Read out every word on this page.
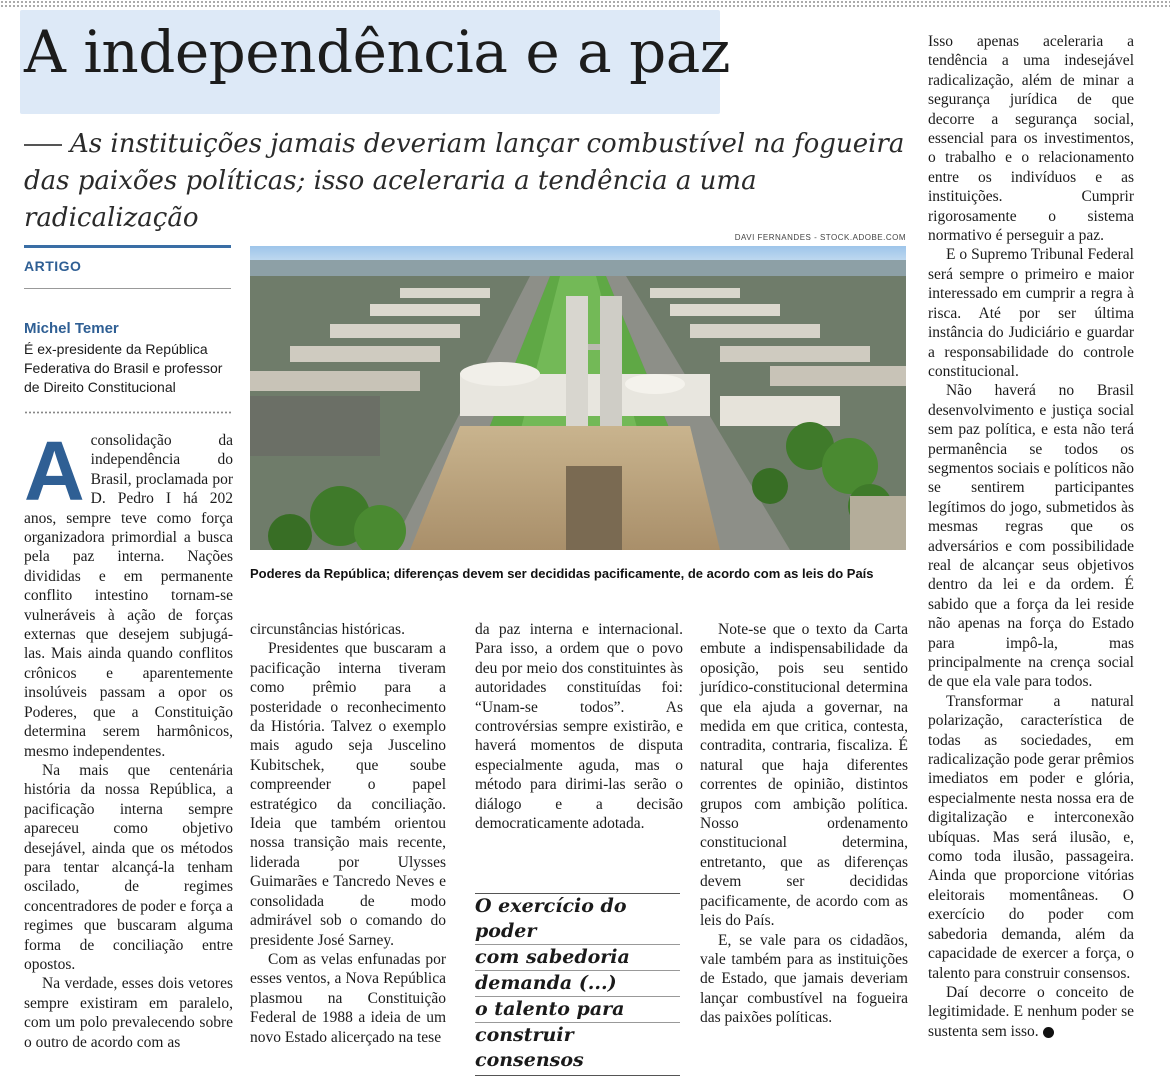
A independência e a paz
As instituições jamais deveriam lançar combustível na fogueira das paixões políticas; isso aceleraria a tendência a uma radicalização
ARTIGO
Michel Temer
É ex-presidente da República Federativa do Brasil e professor de Direito Constitucional
DAVI FERNANDES - STOCK.ADOBE.COM
Poderes da República; diferenças devem ser decididas pacificamente, de acordo com as leis do País
A consolidação da independência do Brasil, proclamada por D. Pedro I há 202 anos, sempre teve como força organizadora primordial a busca pela paz interna. Nações divididas e em permanente conflito intestino tornam-se vulneráveis à ação de forças externas que desejem subjugá-las. Mais ainda quando conflitos crônicos e aparentemente insolúveis passam a opor os Poderes, que a Constituição determina serem harmônicos, mesmo independentes.

Na mais que centenária história da nossa República, a pacificação interna sempre apareceu como objetivo desejável, ainda que os métodos para tentar alcançá-la tenham oscilado, de regimes concentradores de poder e força a regimes que buscaram alguma forma de conciliação entre opostos.

Na verdade, esses dois vetores sempre existiram em paralelo, com um polo prevalecendo sobre o outro de acordo com as

circunstâncias históricas.

Presidentes que buscaram a pacificação interna tiveram como prêmio para a posteridade o reconhecimento da História. Talvez o exemplo mais agudo seja Juscelino Kubitschek, que soube compreender o papel estratégico da conciliação. Ideia que também orientou nossa transição mais recente, liderada por Ulysses Guimarães e Tancredo Neves e consolidada de modo admirável sob o comando do presidente José Sarney.

Com as velas enfunadas por esses ventos, a Nova República plasmou na Constituição Federal de 1988 a ideia de um novo Estado alicerçado na tese

da paz interna e internacional. Para isso, a ordem que o povo deu por meio dos constituintes às autoridades constituídas foi: “Unam-se todos”. As controvérsias sempre existirão, e haverá momentos de disputa especialmente aguda, mas o método para dirimi-las serão o diálogo e a decisão democraticamente adotada.

O exercício do poder
com sabedoria
demanda (...)
o talento para
construir consensos

Note-se que o texto da Carta embute a indispensabilidade da oposição, pois seu sentido jurídico-constitucional determina que ela ajuda a governar, na medida em que critica, contesta, contradita, contraria, fiscaliza. É natural que haja diferentes correntes de opinião, distintos grupos com ambição política. Nosso ordenamento constitucional determina, entretanto, que as diferenças devem ser decididas pacificamente, de acordo com as leis do País.

E, se vale para os cidadãos, vale também para as instituições de Estado, que jamais deveriam lançar combustível na fogueira das paixões políticas.

Isso apenas aceleraria a tendência a uma indesejável radicalização, além de minar a segurança jurídica de que decorre a segurança social, essencial para os investimentos, o trabalho e o relacionamento entre os indivíduos e as instituições. Cumprir rigorosamente o sistema normativo é perseguir a paz.

E o Supremo Tribunal Federal será sempre o primeiro e maior interessado em cumprir a regra à risca. Até por ser última instância do Judiciário e guardar a responsabilidade do controle constitucional.

Não haverá no Brasil desenvolvimento e justiça social sem paz política, e esta não terá permanência se todos os segmentos sociais e políticos não se sentirem participantes legítimos do jogo, submetidos às mesmas regras que os adversários e com possibilidade real de alcançar seus objetivos dentro da lei e da ordem. É sabido que a força da lei reside não apenas na força do Estado para impô-la, mas principalmente na crença social de que ela vale para todos.

Transformar a natural polarização, característica de todas as sociedades, em radicalização pode gerar prêmios imediatos em poder e glória, especialmente nesta nossa era de digitalização e interconexão ubíquas. Mas será ilusão, e, como toda ilusão, passageira. Ainda que proporcione vitórias eleitorais momentâneas. O exercício do poder com sabedoria demanda, além da capacidade de exercer a força, o talento para construir consensos.

Daí decorre o conceito de legitimidade. E nenhum poder se sustenta sem isso.
